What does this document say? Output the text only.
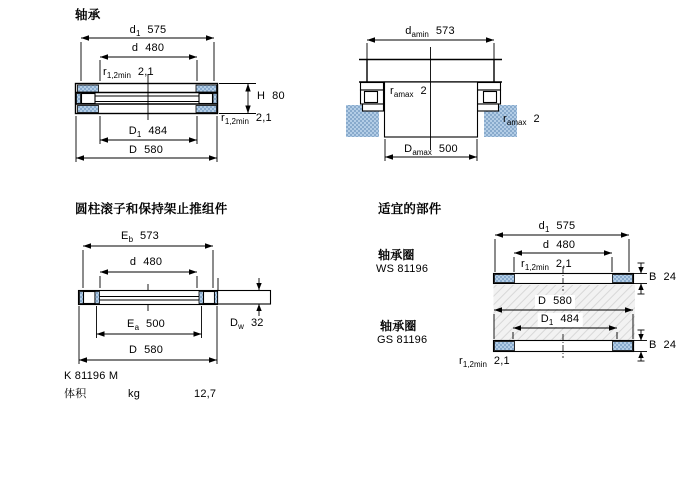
轴承
$d_1$ 575
d 480
$r_{1,2min}$ 2,1
H 80
$r_{1,2min}$ 2,1
$D_1$ 484
D 580
$d_{amin}$ 573
$r_{amax}$ 2
$r_{amax}$ 2
$D_{amax}$ 500
圆柱滚子和保持架止推组件
$E_b$ 573
d 480
$D_w$ 32
$E_a$ 500
D 580
K 81196 M
体积	kg	12,7
适宜的部件
轴承圈
WS 81196
轴承圈
GS 81196
$d_1$ 575
d 480
$r_{1,2min}$ 2,1
B 24
D 580
$D_1$ 484
B 24
$r_{1,2min}$ 2,1
